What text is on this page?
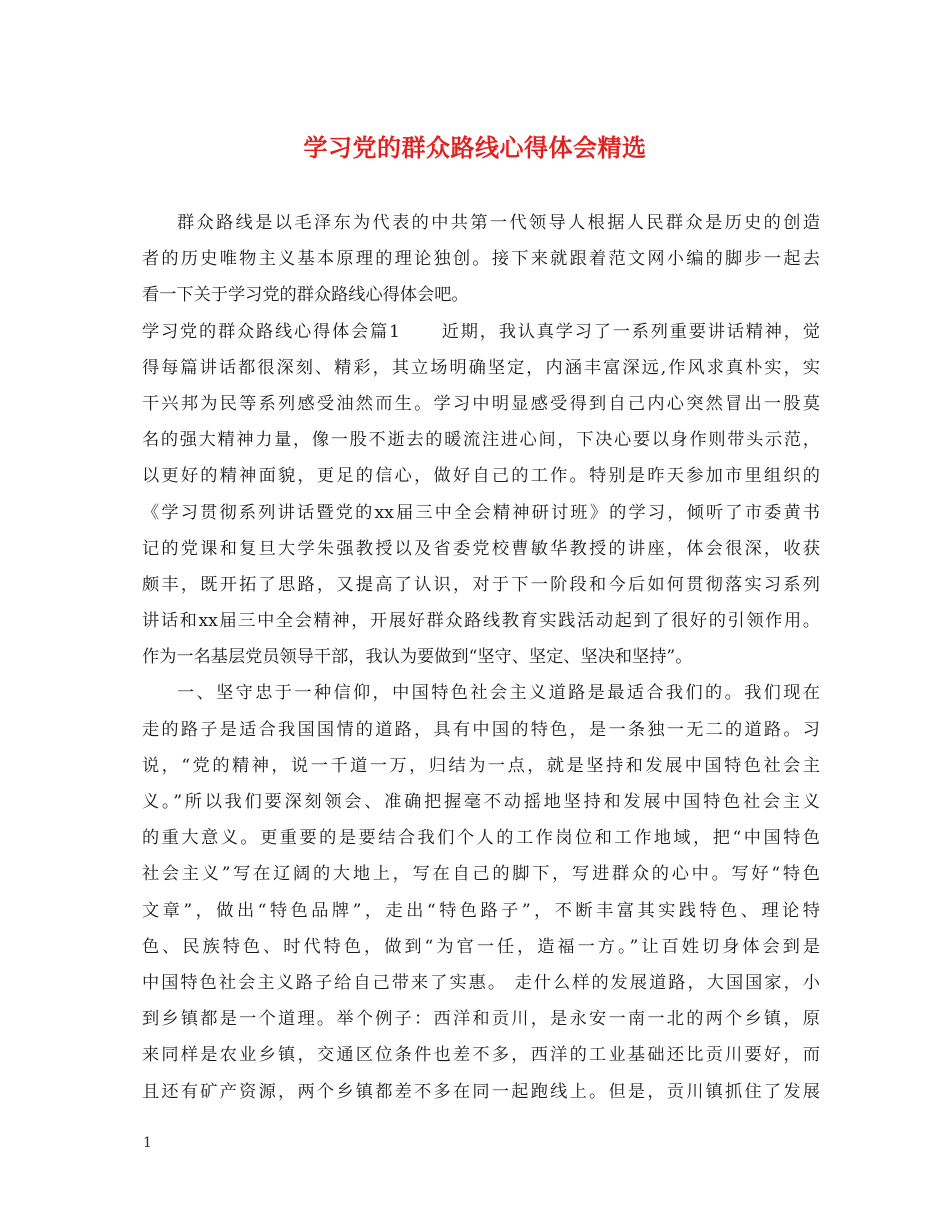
学习党的群众路线心得体会精选
群众路线是以毛泽东为代表的中共第一代领导人根据人民群众是历史的创造
者的历史唯物主义基本原理的理论独创。接下来就跟着范文网小编的脚步一起去
看一下关于学习党的群众路线心得体会吧。
学习党的群众路线心得体会篇1 近期，我认真学习了一系列重要讲话精神，觉
得每篇讲话都很深刻、精彩，其立场明确坚定，内涵丰富深远,作风求真朴实，实
干兴邦为民等系列感受油然而生。学习中明显感受得到自己内心突然冒出一股莫
名的强大精神力量，像一股不逝去的暖流注进心间，下决心要以身作则带头示范，
以更好的精神面貌，更足的信心，做好自己的工作。特别是昨天参加市里组织的
《学习贯彻系列讲话暨党的xx届三中全会精神研讨班》的学习，倾听了市委黄书
记的党课和复旦大学朱强教授以及省委党校曹敏华教授的讲座，体会很深，收获
颇丰，既开拓了思路，又提高了认识，对于下一阶段和今后如何贯彻落实习系列
讲话和xx届三中全会精神，开展好群众路线教育实践活动起到了很好的引领作用。
作为一名基层党员领导干部，我认为要做到“坚守、坚定、坚决和坚持”。
一、坚守忠于一种信仰，中国特色社会主义道路是最适合我们的。我们现在
走的路子是适合我国国情的道路，具有中国的特色，是一条独一无二的道路。习
说，“党的精神，说一千道一万，归结为一点，就是坚持和发展中国特色社会主
义。”所以我们要深刻领会、准确把握毫不动摇地坚持和发展中国特色社会主义
的重大意义。更重要的是要结合我们个人的工作岗位和工作地域，把“中国特色
社会主义”写在辽阔的大地上，写在自己的脚下，写进群众的心中。写好“特色
文章”，做出“特色品牌”，走出“特色路子”，不断丰富其实践特色、理论特
色、民族特色、时代特色，做到“为官一任，造福一方。”让百姓切身体会到是
中国特色社会主义路子给自己带来了实惠。 走什么样的发展道路，大国国家，小
到乡镇都是一个道理。举个例子：西洋和贡川，是永安一南一北的两个乡镇，原
来同样是农业乡镇，交通区位条件也差不多，西洋的工业基础还比贡川要好，而
且还有矿产资源，两个乡镇都差不多在同一起跑线上。但是，贡川镇抓住了发展
1
